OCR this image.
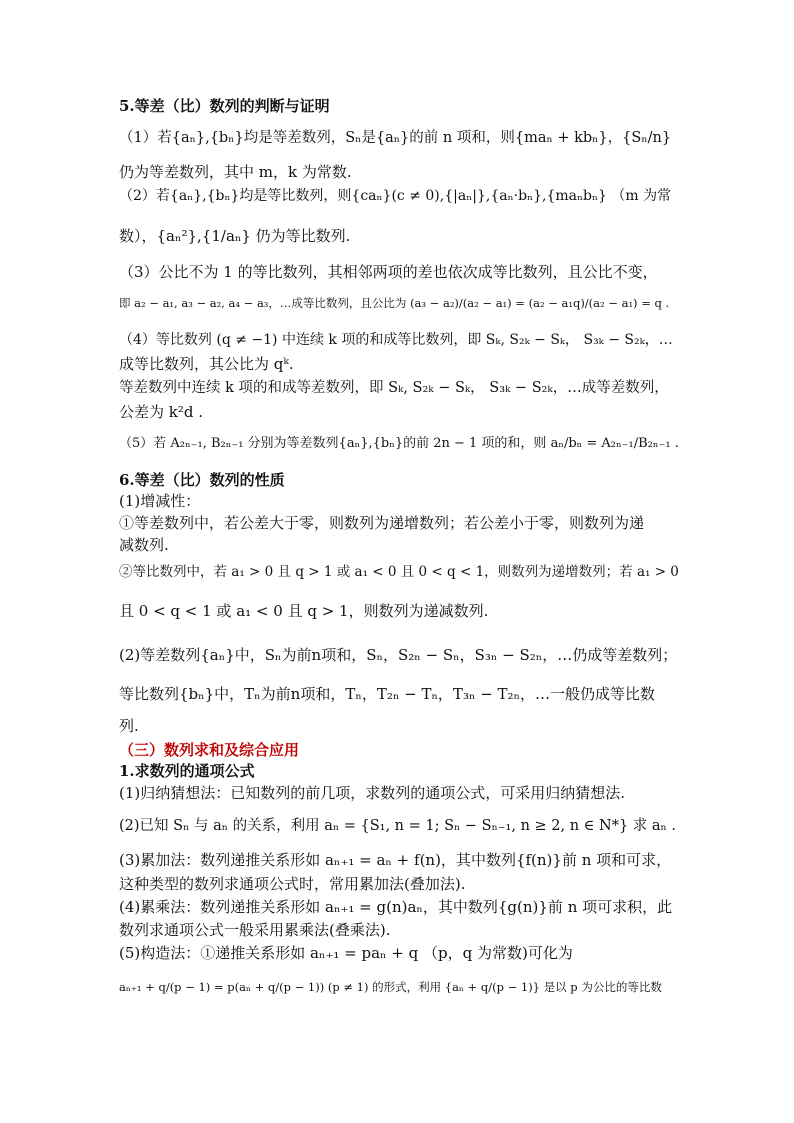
5.等差（比）数列的判断与证明
（1）若{aₙ},{bₙ}均是等差数列，Sₙ是{aₙ}的前 n 项和，则{maₙ + kbₙ}，{Sₙ/n}
仍为等差数列，其中 m，k 为常数.
（2）若{aₙ},{bₙ}均是等比数列，则{caₙ}(c ≠ 0),{|aₙ|},{aₙ·bₙ},{maₙbₙ} （m 为常
数），{aₙ²},{1/aₙ} 仍为等比数列.
（3）公比不为 1 的等比数列，其相邻两项的差也依次成等比数列，且公比不变，
即 a₂ − a₁, a₃ − a₂, a₄ − a₃，…成等比数列，且公比为 (a₃ − a₂)/(a₂ − a₁) = (a₂ − a₁q)/(a₂ − a₁) = q .
（4）等比数列 (q ≠ −1) 中连续 k 项的和成等比数列，即 Sₖ, S₂ₖ − Sₖ， S₃ₖ − S₂ₖ，…
成等比数列，其公比为 qᵏ.
等差数列中连续 k 项的和成等差数列，即 Sₖ, S₂ₖ − Sₖ， S₃ₖ − S₂ₖ，…成等差数列，
公差为 k²d .
（5）若 A₂ₙ₋₁, B₂ₙ₋₁ 分别为等差数列{aₙ},{bₙ}的前 2n − 1 项的和，则 aₙ/bₙ = A₂ₙ₋₁/B₂ₙ₋₁ .
6.等差（比）数列的性质
(1)增减性：
①等差数列中，若公差大于零，则数列为递增数列；若公差小于零，则数列为递
减数列.
②等比数列中，若 a₁ > 0 且 q > 1 或 a₁ < 0 且 0 < q < 1，则数列为递增数列；若 a₁ > 0
且 0 < q < 1 或 a₁ < 0 且 q > 1，则数列为递减数列.
(2)等差数列{aₙ}中，Sₙ为前n项和，Sₙ，S₂ₙ − Sₙ，S₃ₙ − S₂ₙ，…仍成等差数列；
等比数列{bₙ}中，Tₙ为前n项和，Tₙ，T₂ₙ − Tₙ，T₃ₙ − T₂ₙ，…一般仍成等比数
列.
（三）数列求和及综合应用
1.求数列的通项公式
(1)归纳猜想法：已知数列的前几项，求数列的通项公式，可采用归纳猜想法.
(2)已知 Sₙ 与 aₙ 的关系，利用 aₙ = {S₁, n = 1; Sₙ − Sₙ₋₁, n ≥ 2, n ∈ N*} 求 aₙ .
(3)累加法：数列递推关系形如 aₙ₊₁ = aₙ + f(n)，其中数列{f(n)}前 n 项和可求，
这种类型的数列求通项公式时，常用累加法(叠加法).
(4)累乘法：数列递推关系形如 aₙ₊₁ = g(n)aₙ，其中数列{g(n)}前 n 项可求积，此
数列求通项公式一般采用累乘法(叠乘法).
(5)构造法：①递推关系形如 aₙ₊₁ = paₙ + q （p，q 为常数)可化为
aₙ₊₁ + q/(p − 1) = p(aₙ + q/(p − 1)) (p ≠ 1) 的形式，利用 {aₙ + q/(p − 1)} 是以 p 为公比的等比数
